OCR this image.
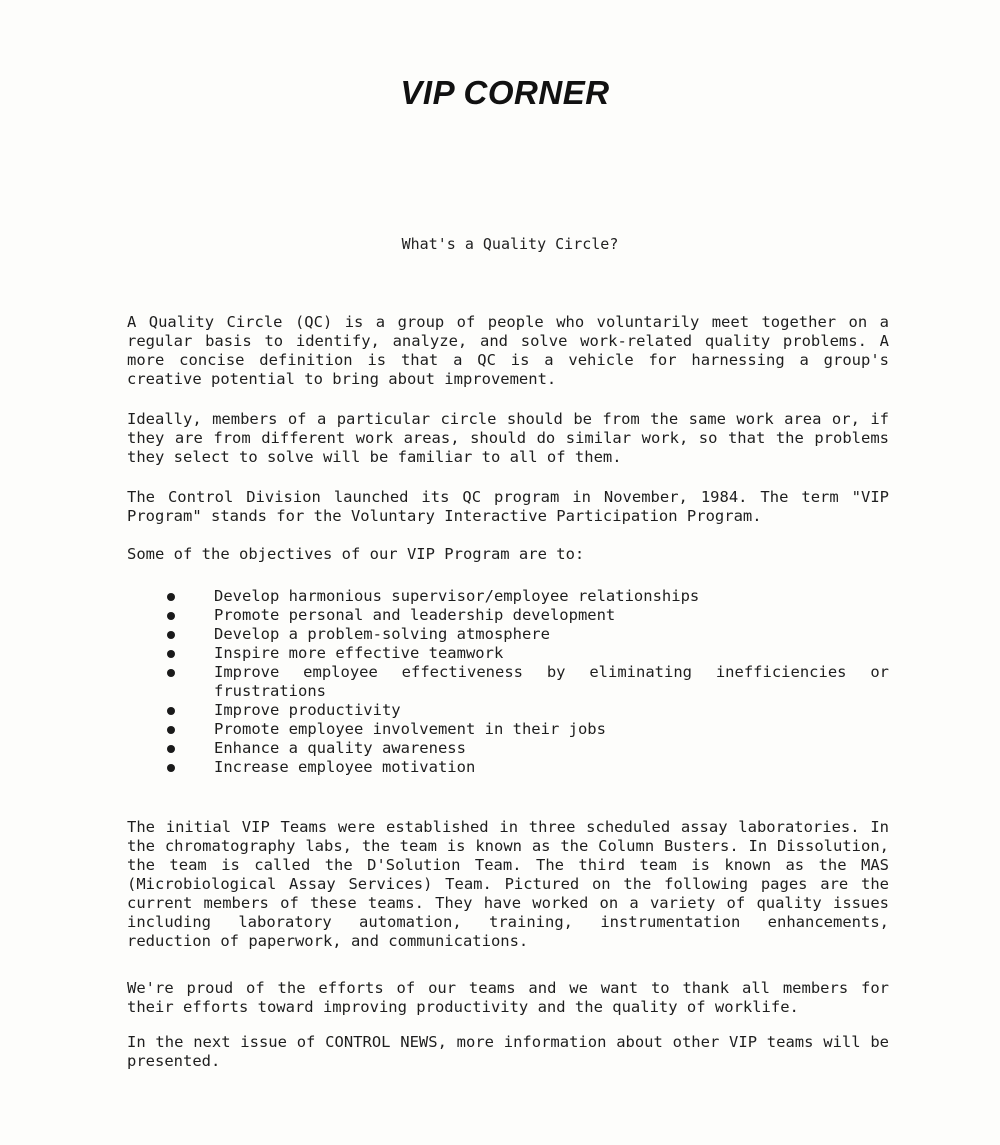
VIP CORNER
What's a Quality Circle?

A Quality Circle (QC) is a group of people who voluntarily meet together on a regular basis to identify, analyze, and solve work-related quality problems. A more concise definition is that a QC is a vehicle for harnessing a group's creative potential to bring about improvement.

Ideally, members of a particular circle should be from the same work area or, if they are from different work areas, should do similar work, so that the problems they select to solve will be familiar to all of them.

The Control Division launched its QC program in November, 1984. The term "VIP Program" stands for the Voluntary Interactive Participation Program.

Some of the objectives of our VIP Program are to:

Develop harmonious supervisor/employee relationships
Promote personal and leadership development
Develop a problem-solving atmosphere
Inspire more effective teamwork
Improve employee effectiveness by eliminating inefficiencies or frustrations
Improve productivity
Promote employee involvement in their jobs
Enhance a quality awareness
Increase employee motivation

The initial VIP Teams were established in three scheduled assay laboratories. In the chromatography labs, the team is known as the Column Busters. In Dissolution, the team is called the D'Solution Team. The third team is known as the MAS (Microbiological Assay Services) Team. Pictured on the following pages are the current members of these teams. They have worked on a variety of quality issues including laboratory automation, training, instrumentation enhancements, reduction of paperwork, and communications.

We're proud of the efforts of our teams and we want to thank all members for their efforts toward improving productivity and the quality of worklife.

In the next issue of CONTROL NEWS, more information about other VIP teams will be presented.
